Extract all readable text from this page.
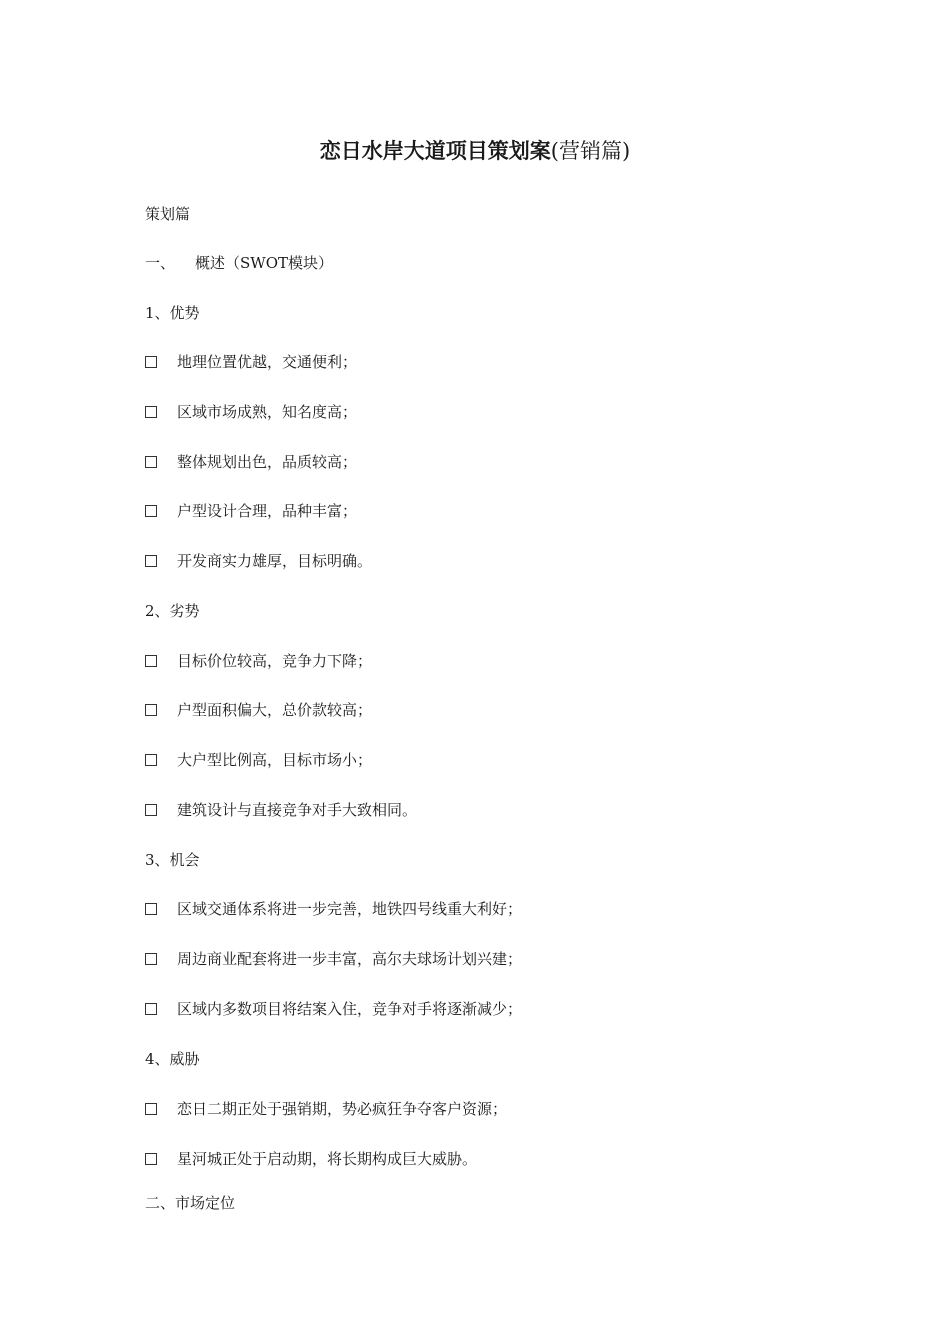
恋日水岸大道项目策划案(营销篇)
策划篇
一、 概述（SWOT模块）
1、优势
地理位置优越，交通便利；
区域市场成熟，知名度高；
整体规划出色，品质较高；
户型设计合理，品种丰富；
开发商实力雄厚，目标明确。
2、劣势
目标价位较高，竞争力下降；
户型面积偏大，总价款较高；
大户型比例高，目标市场小；
建筑设计与直接竞争对手大致相同。
3、机会
区域交通体系将进一步完善，地铁四号线重大利好；
周边商业配套将进一步丰富，高尔夫球场计划兴建；
区域内多数项目将结案入住，竞争对手将逐渐减少；
4、威胁
恋日二期正处于强销期，势必疯狂争夺客户资源；
星河城正处于启动期，将长期构成巨大威胁。
二、市场定位
